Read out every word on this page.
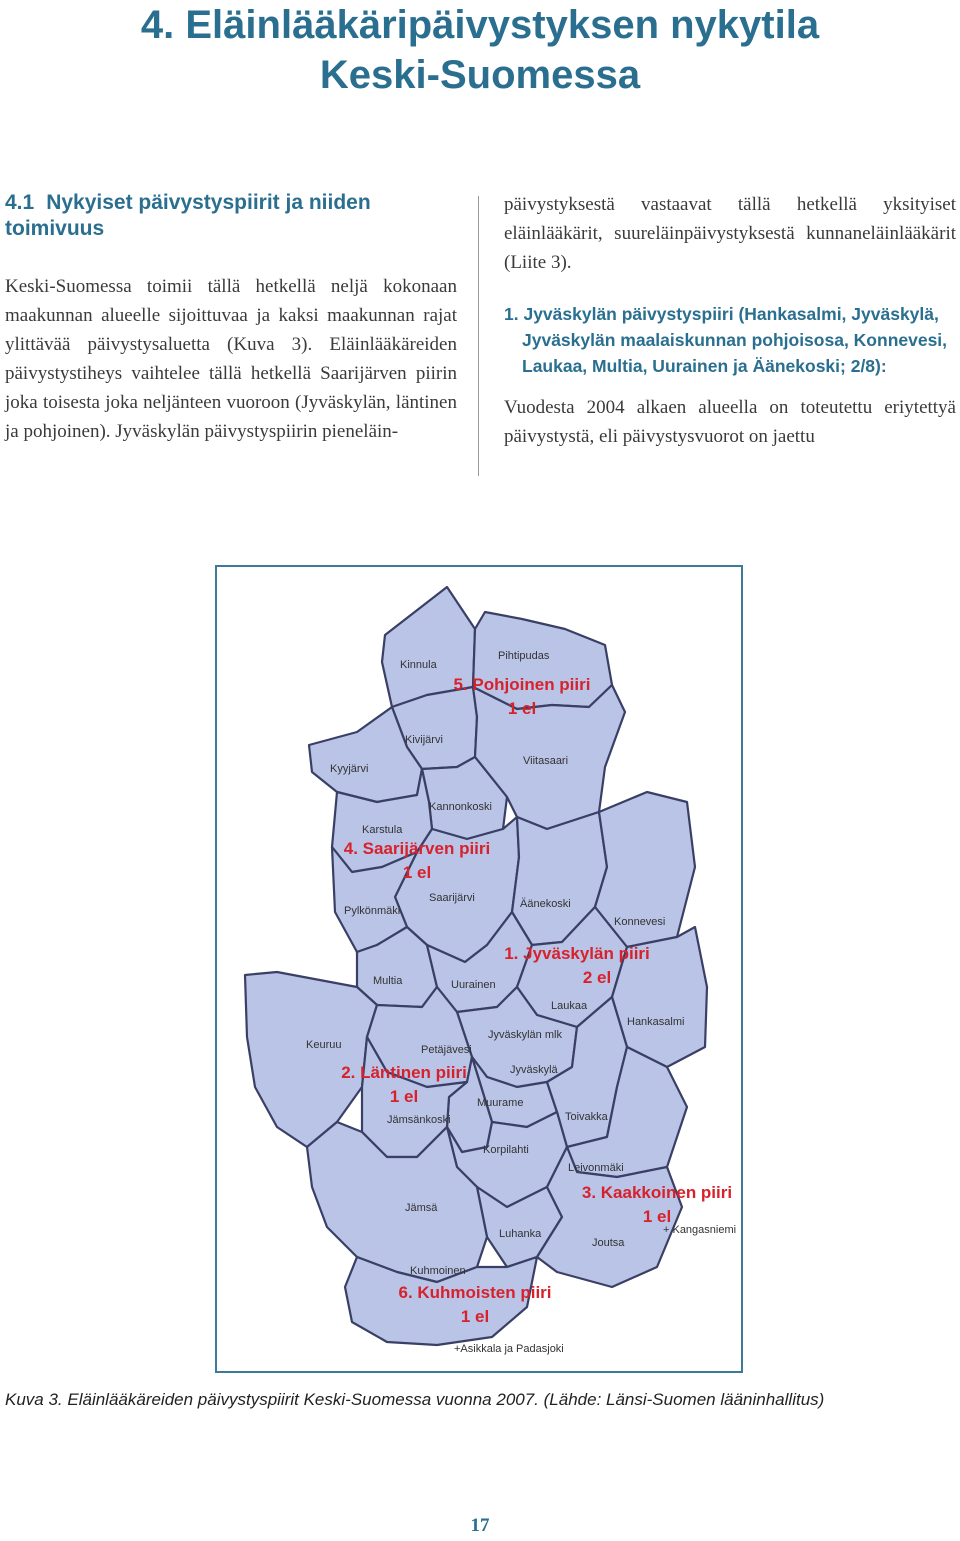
4. Eläinlääkäripäivystyksen nykytila
Keski-Suomessa
4.1 Nykyiset päivystyspiirit ja niiden toimivuus

Keski-Suomessa toimii tällä hetkellä neljä kokonaan maakunnan alueelle sijoittuvaa ja kaksi maakunnan rajat ylittävää päivystysaluetta (Kuva 3). Eläinlääkäreiden päivystystiheys vaihtelee tällä hetkellä Saarijärven piirin joka toisesta joka neljänteen vuoroon (Jyväskylän, läntinen ja pohjoinen). Jyväskylän päivystyspiirin pieneläin-

päivystyksestä vastaavat tällä hetkellä yksityiset eläinlääkärit, suureläinpäivystyksestä kunnaneläinlääkärit (Liite 3).

1. Jyväskylän päivystyspiiri (Hankasalmi, Jyväskylä, Jyväskylän maalaiskunnan pohjoisosa, Konnevesi, Laukaa, Multia, Uurainen ja Äänekoski; 2/8):

Vuodesta 2004 alkaen alueella on toteutettu eriytettyä päivystystä, eli päivystysvuorot on jaettu

Kinnula
Pihtipudas
Kivijärvi
Kyyjärvi
Viitasaari
Kannonkoski
Karstula
Saarijärvi
Pylkönmäki
Äänekoski
Konnevesi
Multia	Uurainen
Laukaa
Hankasalmi
Jyväskylän mlk
Keuruu	Petäjävesi
Jyväskylä
Muurame
Jämsänkoski	Toivakka
Korpilahti
Leivonmäki
Jämsä
Luhanka
Joutsa
+ Kangasniemi
Kuhmoinen
+Asikkala ja Padasjoki
5. Pohjoinen piiri
1 el
4. Saarijärven piiri
1 el
1. Jyväskylän piiri
2 el
2. Läntinen piiri
1 el
3. Kaakkoinen piiri
1 el
6. Kuhmoisten piiri
1 el
Kuva 3. Eläinlääkäreiden päivystyspiirit Keski-Suomessa vuonna 2007. (Lähde: Länsi-Suomen lääninhallitus)
17
